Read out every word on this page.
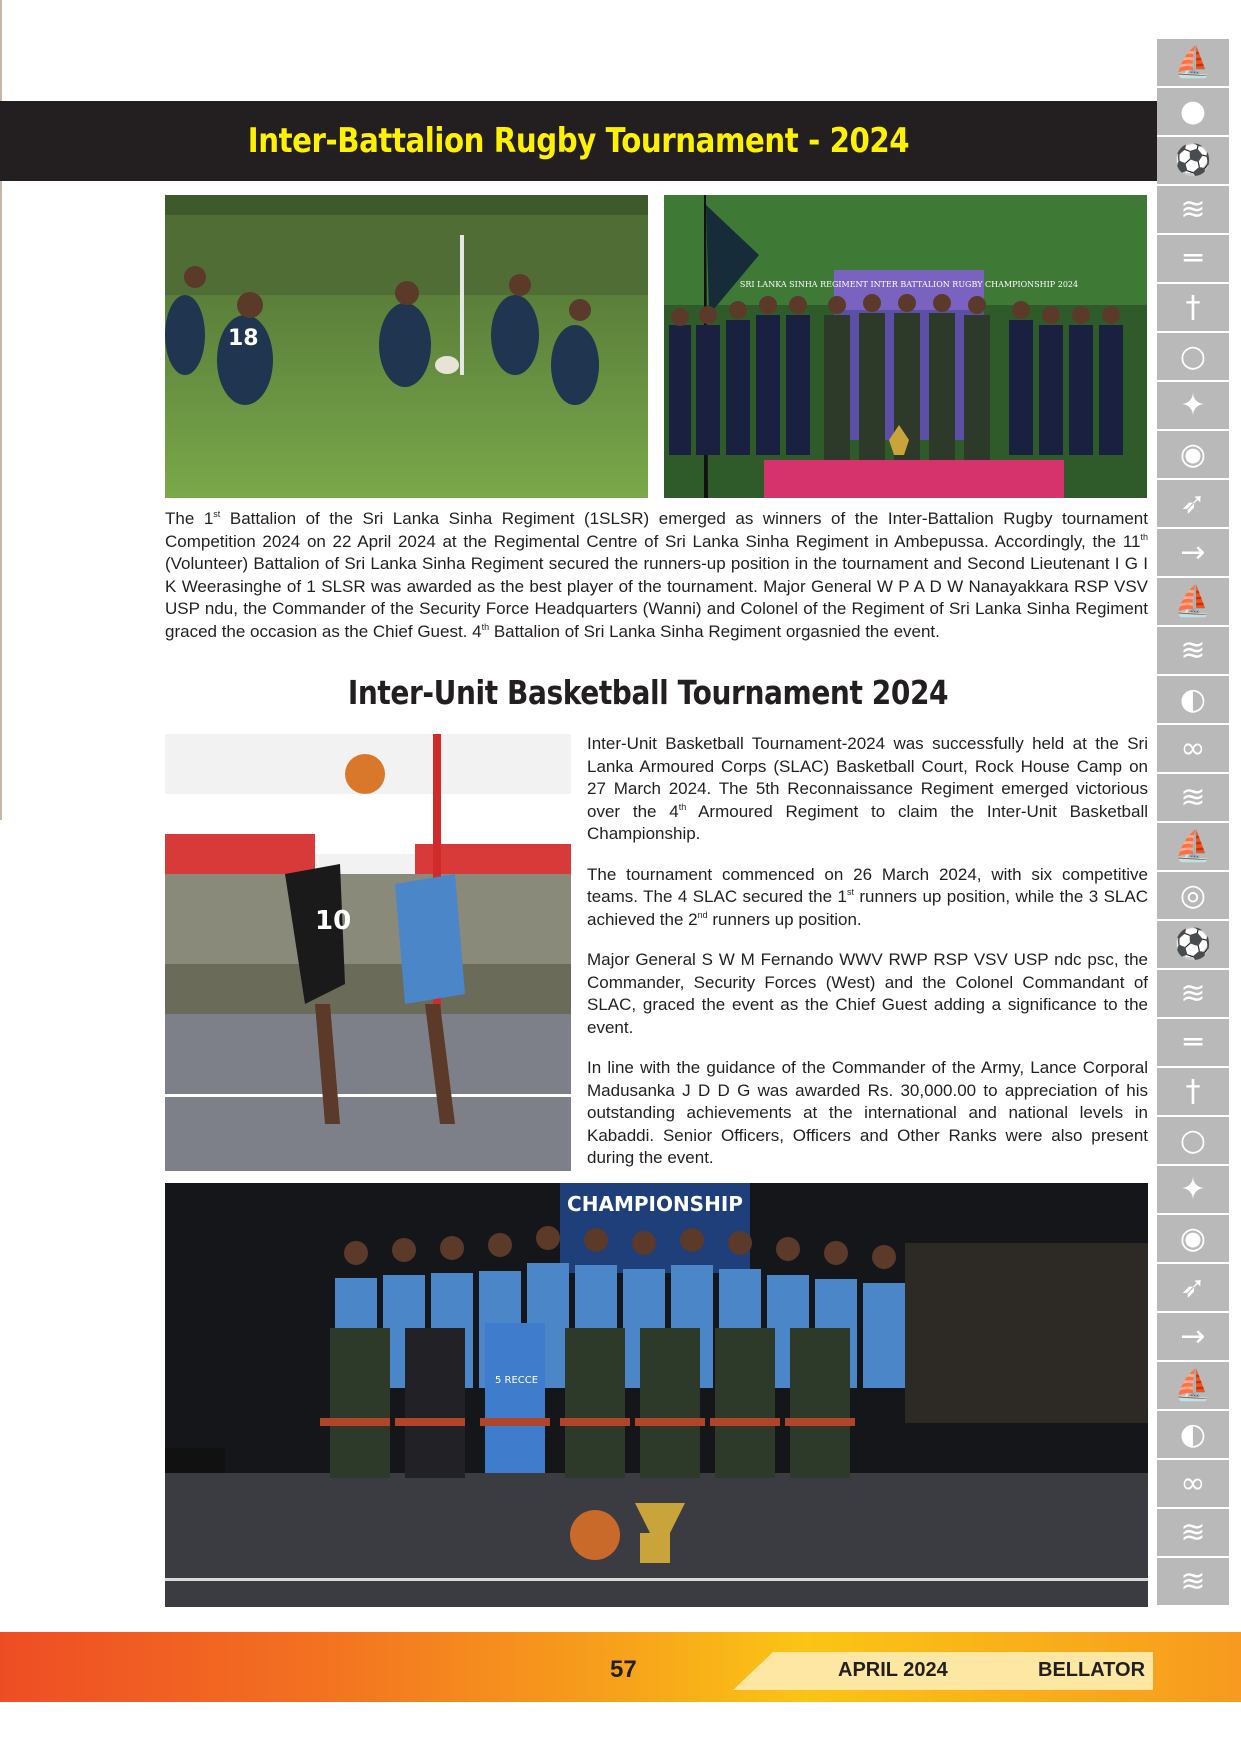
Inter-Battalion Rugby Tournament - 2024
18
SRI LANKA SINHA REGIMENT INTER BATTALION RUGBY CHAMPIONSHIP 2024

The 1st Battalion of the Sri Lanka Sinha Regiment (1SLSR) emerged as winners of the Inter-Battalion Rugby tournament Competition 2024 on 22 April 2024 at the Regimental Centre of Sri Lanka Sinha Regiment in Ambepussa. Accordingly, the 11th (Volunteer) Battalion of Sri Lanka Sinha Regiment secured the runners-up position in the tournament and Second Lieutenant I G I K Weerasinghe of 1 SLSR was awarded as the best player of the tournament. Major General W P A D W Nanayakkara RSP VSV USP ndu, the Commander of the Security Force Headquarters (Wanni) and Colonel of the Regiment of Sri Lanka Sinha Regiment graced the occasion as the Chief Guest. 4th Battalion of Sri Lanka Sinha Regiment orgasnied the event.

Inter-Unit Basketball Tournament 2024
10

Inter-Unit Basketball Tournament-2024 was successfully held at the Sri Lanka Armoured Corps (SLAC) Basketball Court, Rock House Camp on 27 March 2024. The 5th Reconnaissance Regiment emerged victorious over the 4th Armoured Regiment to claim the Inter-Unit Basketball Championship.

The tournament commenced on 26 March 2024, with six competitive teams. The 4 SLAC secured the 1st runners up position, while the 3 SLAC achieved the 2nd runners up position.

Major General S W M Fernando WWV RWP RSP VSV USP ndc psc, the Commander, Security Forces (West) and the Colonel Commandant of SLAC, graced the event as the Chief Guest adding a significance to the event.

In line with the guidance of the Commander of the Army, Lance Corporal Madusanka J D D G was awarded Rs. 30,000.00 to appreciation of his outstanding achievements at the international and national levels in Kabaddi. Senior Officers, Officers and Other Ranks were also present during the event.

CHAMPIONSHIP
5 RECCE
⛵
●
⚽
≋
═
†
○
✦
◉
➶
→
⛵
≋
◐
∞
≋
⛵
◎
⚽
≋
═
†
○
✦
◉
➶
→
⛵
◐
∞
≋
≋
57	APRIL 2024	BELLATOR
